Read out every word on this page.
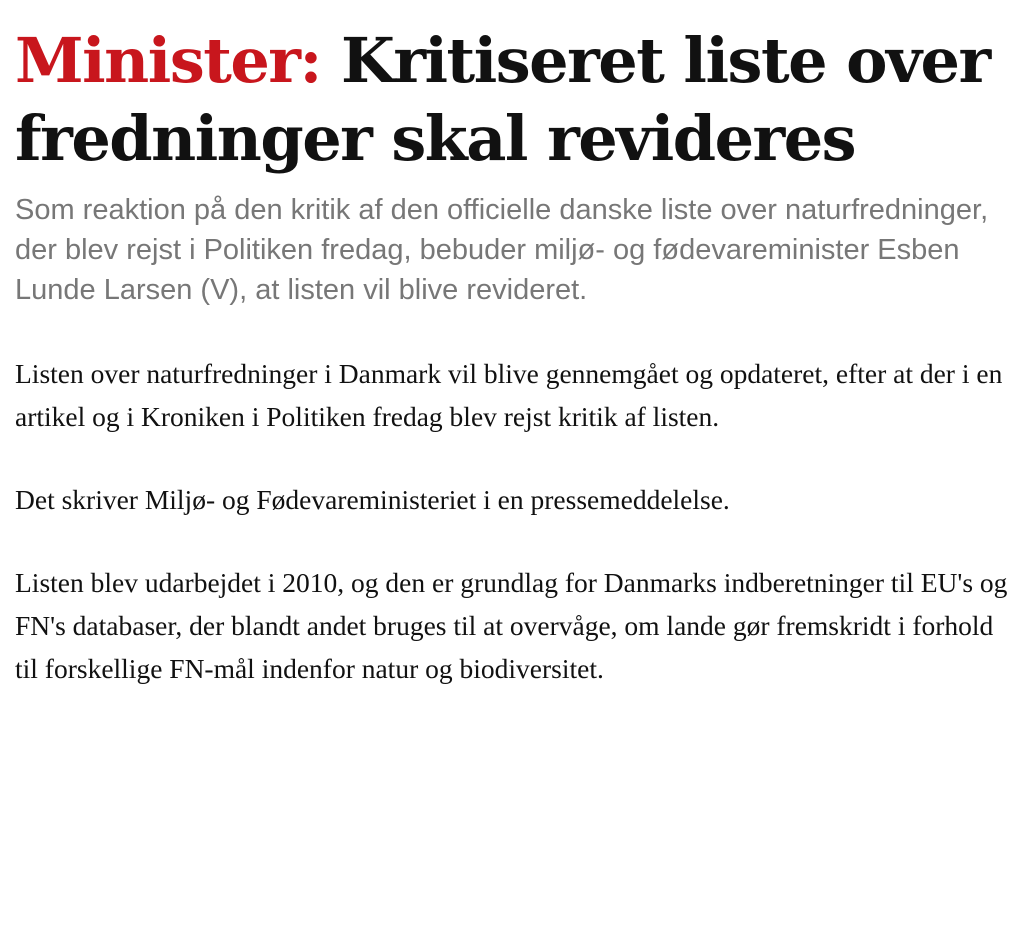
Minister: Kritiseret liste over fredninger skal revideres

Som reaktion på den kritik af den officielle danske liste over naturfredninger, der blev rejst i Politiken fredag, bebuder miljø- og fødevareminister Esben Lunde Larsen (V), at listen vil blive revideret.

Listen over naturfredninger i Danmark vil blive gennemgået og opdateret, efter at der i en artikel og i Kroniken i Politiken fredag blev rejst kritik af listen.

Det skriver Miljø- og Fødevareministeriet i en pressemeddelelse.

Listen blev udarbejdet i 2010, og den er grundlag for Danmarks indberetninger til EU's og FN's databaser, der blandt andet bruges til at overvåge, om lande gør fremskridt i forhold til forskellige FN-mål indenfor natur og biodiversitet.
